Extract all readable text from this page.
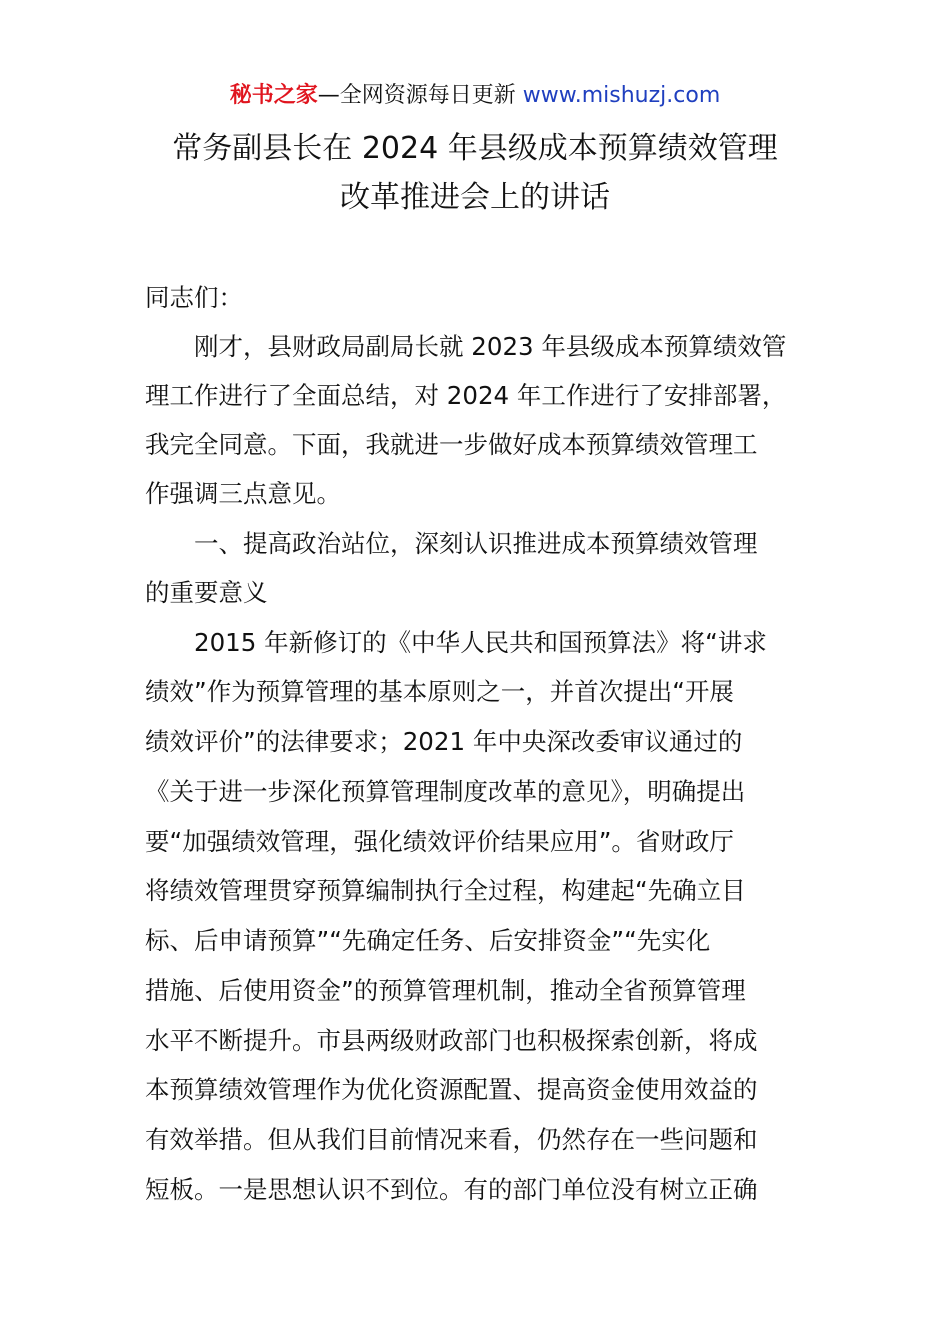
秘书之家—全网资源每日更新 www.mishuzj.com
常务副县长在 2024 年县级成本预算绩效管理
改革推进会上的讲话
同志们：
刚才，县财政局副局长就 2023 年县级成本预算绩效管
理工作进行了全面总结，对 2024 年工作进行了安排部署，
我完全同意。下面，我就进一步做好成本预算绩效管理工
作强调三点意见。
一、提高政治站位，深刻认识推进成本预算绩效管理
的重要意义
2015 年新修订的《中华人民共和国预算法》将“讲求
绩效”作为预算管理的基本原则之一，并首次提出“开展
绩效评价”的法律要求；2021 年中央深改委审议通过的
《关于进一步深化预算管理制度改革的意见》，明确提出
要“加强绩效管理，强化绩效评价结果应用”。省财政厅
将绩效管理贯穿预算编制执行全过程，构建起“先确立目
标、后申请预算”“先确定任务、后安排资金”“先实化
措施、后使用资金”的预算管理机制，推动全省预算管理
水平不断提升。市县两级财政部门也积极探索创新，将成
本预算绩效管理作为优化资源配置、提高资金使用效益的
有效举措。但从我们目前情况来看，仍然存在一些问题和
短板。一是思想认识不到位。有的部门单位没有树立正确
